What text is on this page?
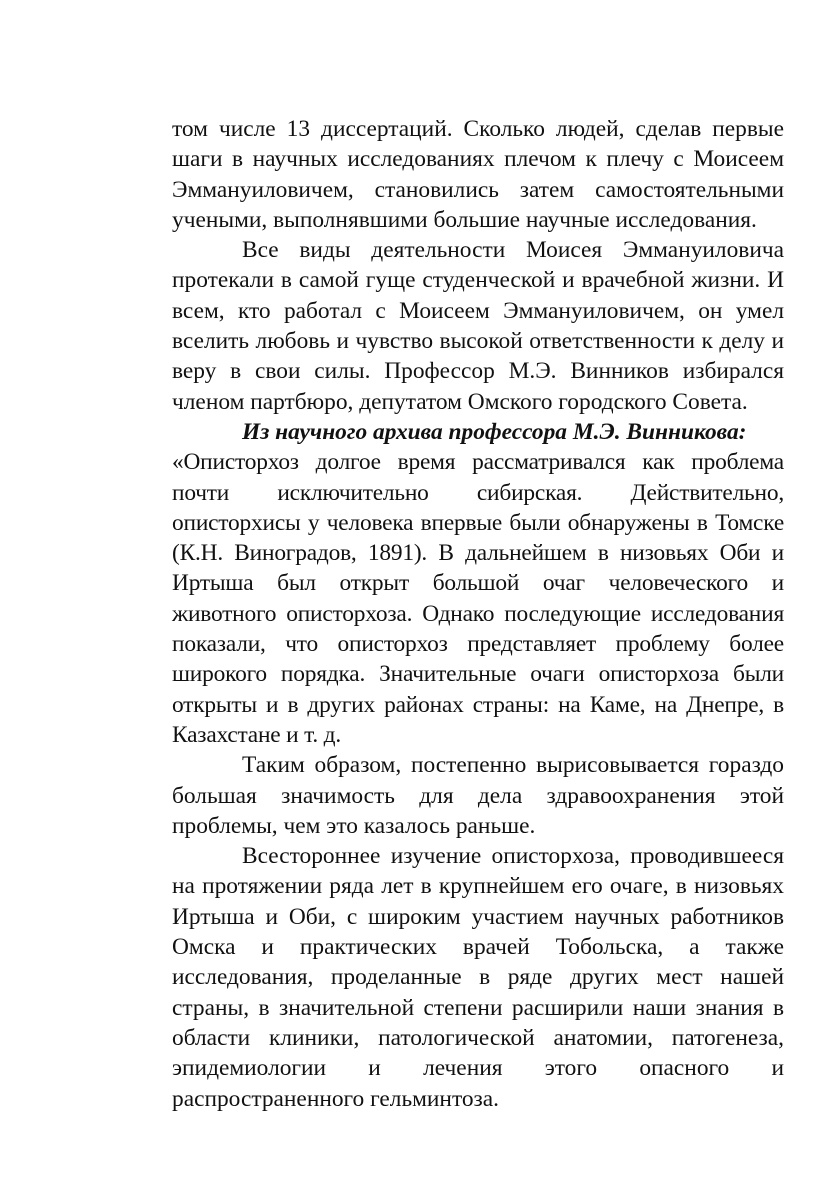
том числе 13 диссертаций. Сколько людей, сделав первые шаги в научных исследованиях плечом к плечу с Моисеем Эммануиловичем, становились затем самостоятельными учеными, выполнявшими большие научные исследования.

Все виды деятельности Моисея Эммануиловича протекали в самой гуще студенческой и врачебной жизни. И всем, кто работал с Моисеем Эммануиловичем, он умел вселить любовь и чувство высокой ответственности к делу и веру в свои силы. Профессор М.Э. Винников избирался членом партбюро, депутатом Омского городского Совета.

Из научного архива профессора М.Э. Винникова:

«Описторхоз долгое время рассматривался как проблема почти исключительно сибирская. Действительно, описторхисы у человека впервые были обнаружены в Томске (К.Н. Виноградов, 1891). В дальнейшем в низовьях Оби и Иртыша был открыт большой очаг человеческого и животного описторхоза. Однако последующие исследования показали, что описторхоз представляет проблему более широкого порядка. Значительные очаги описторхоза были открыты и в других районах страны: на Каме, на Днепре, в Казахстане и т. д.

Таким образом, постепенно вырисовывается гораздо большая значимость для дела здравоохранения этой проблемы, чем это казалось раньше.

Всестороннее изучение описторхоза, проводившееся на протяжении ряда лет в крупнейшем его очаге, в низовьях Иртыша и Оби, с широким участием научных работников Омска и практических врачей Тобольска, а также исследования, проделанные в ряде других мест нашей страны, в значительной степени расширили наши знания в области клиники, патологической анатомии, патогенеза, эпидемиологии и лечения этого опасного и распространенного гельминтоза.
